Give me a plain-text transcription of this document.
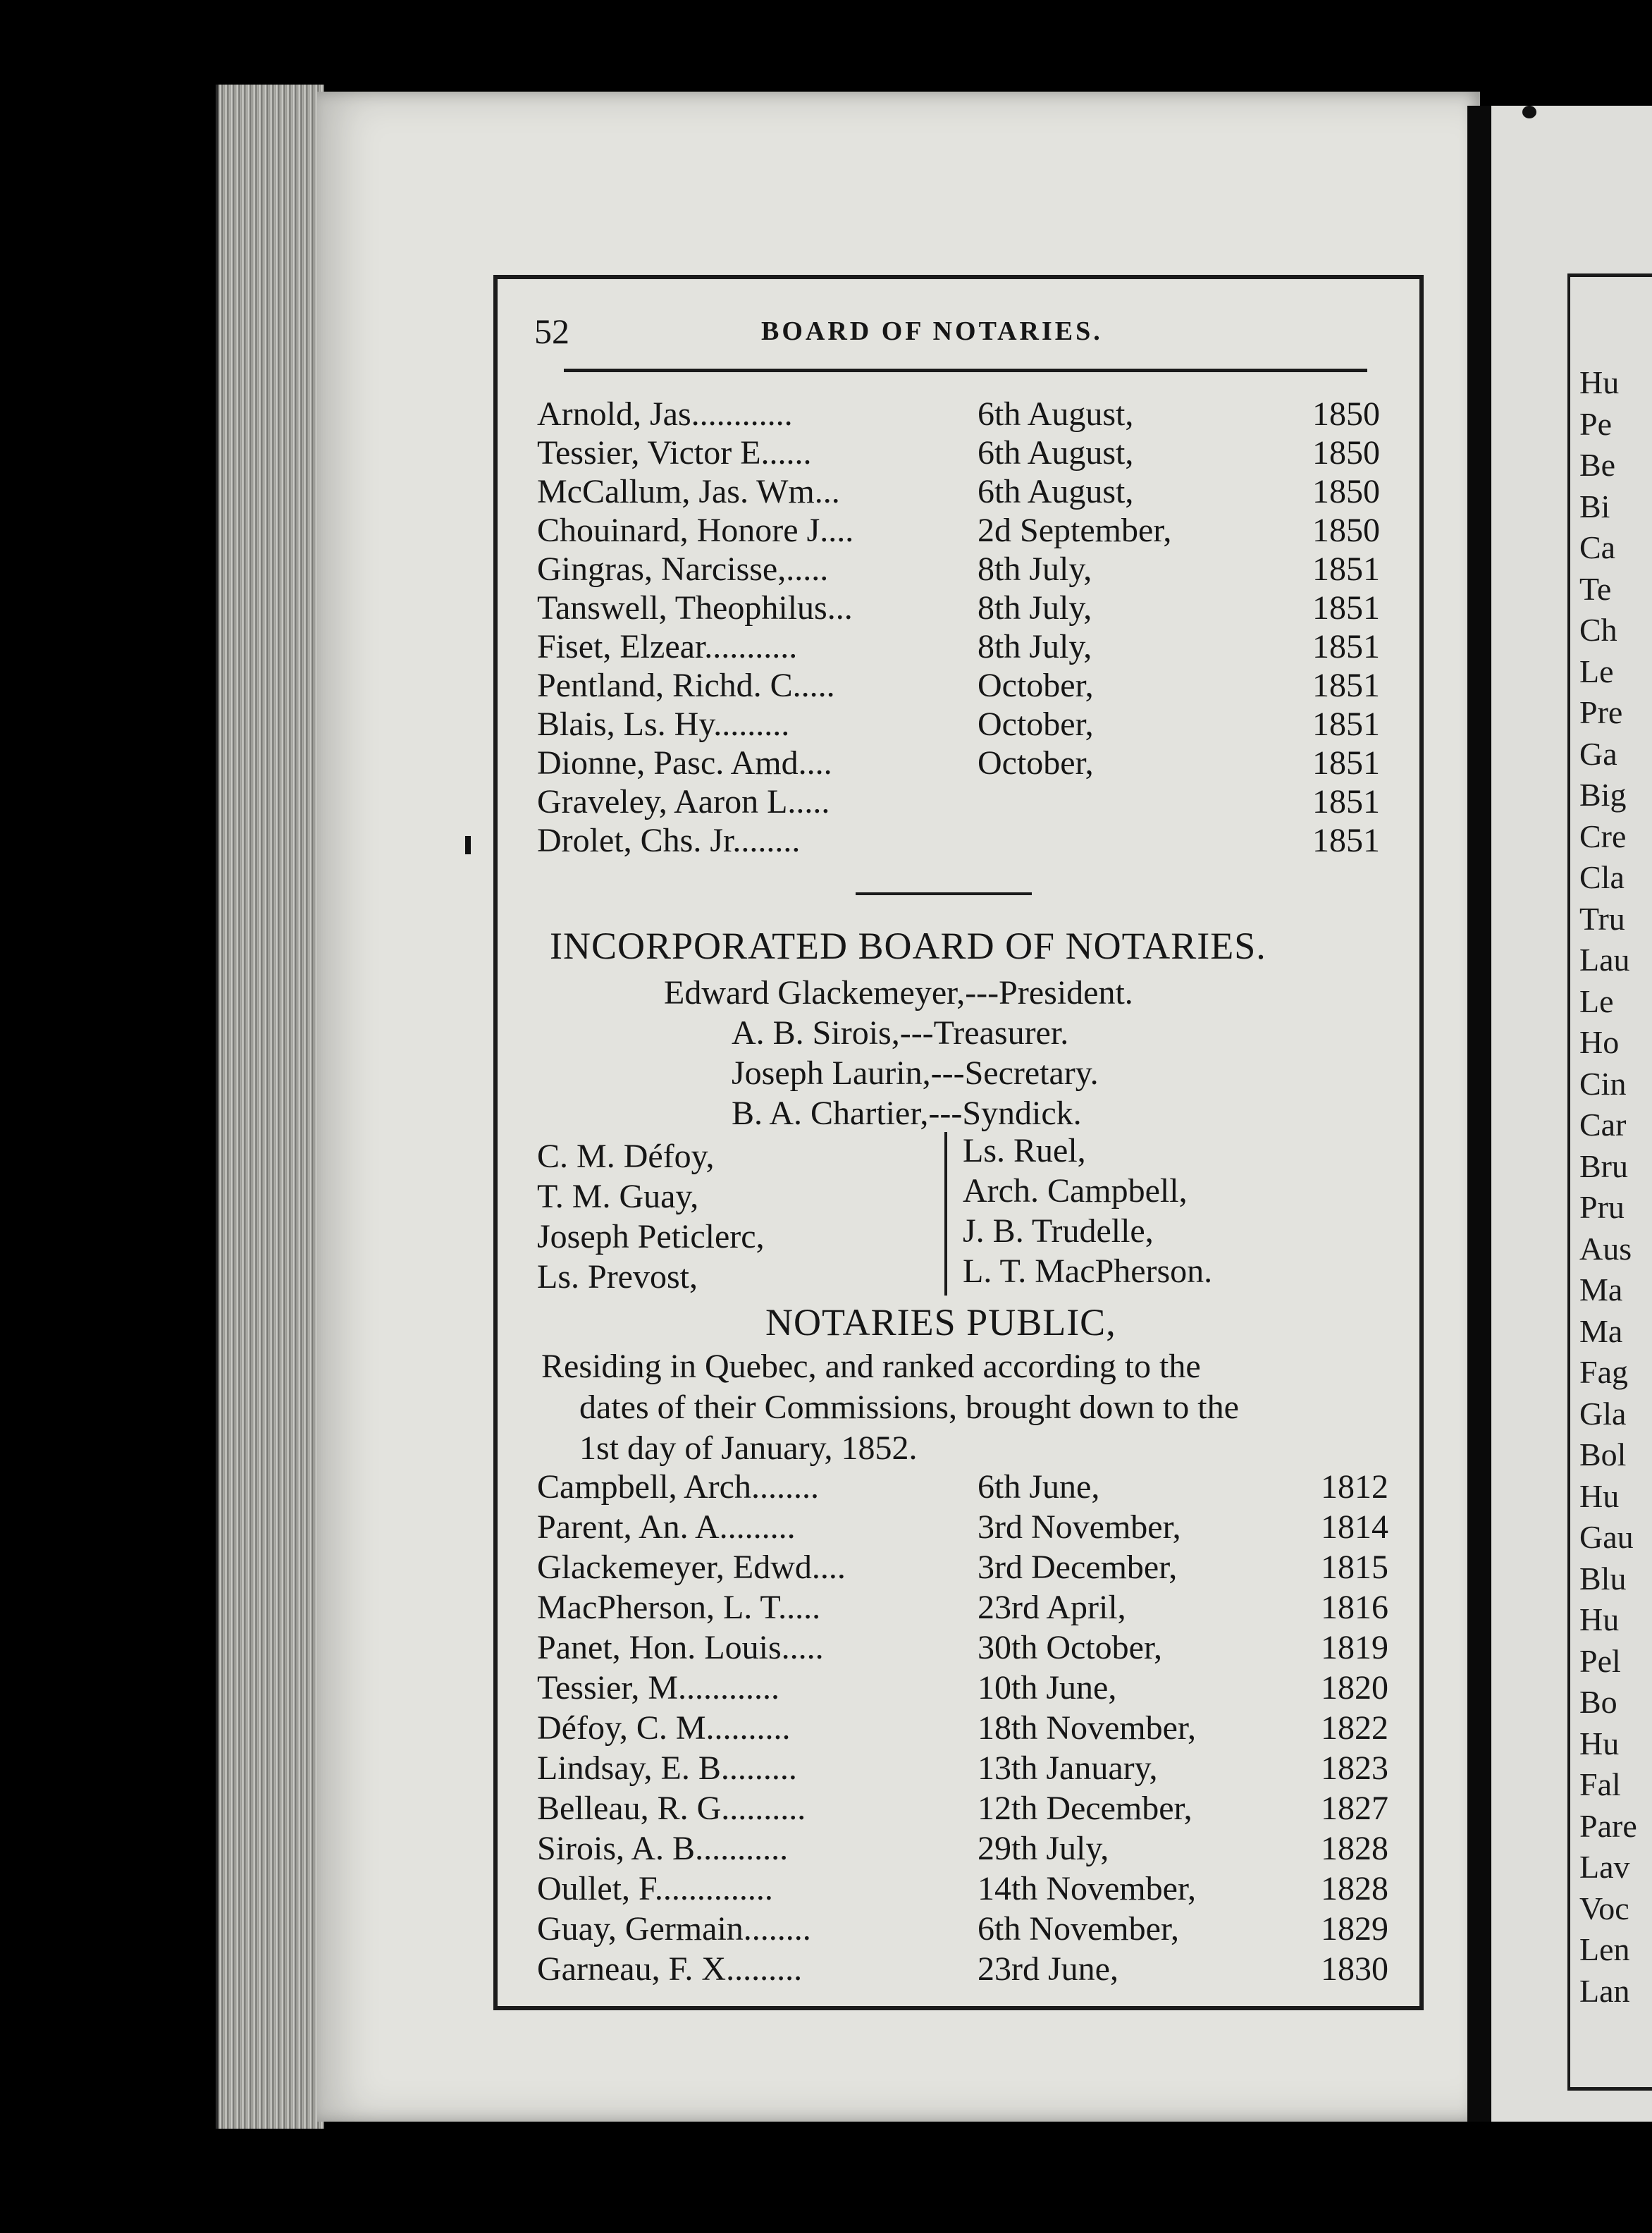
Hu
Pe
Be
Bi
Ca
Te
Ch
Le
Pre
Ga
Big
Cre
Cla
Tru
Lau
Le
Ho
Cin
Car
Bru
Pru
Aus
Ma
Ma
Fag
Gla
Bol
Hu
Gau
Blu
Hu
Pel
Bo
Hu
Fal
Pare
Lav
Voc
Len
Lan
52	BOARD OF NOTARIES.
Arnold, Jas............	6th August,	1850
Tessier, Victor E......	6th August,	1850
McCallum, Jas. Wm...	6th August,	1850
Chouinard, Honore J....	2d September,	1850
Gingras, Narcisse,.....	8th July,	1851
Tanswell, Theophilus...	8th July,	1851
Fiset, Elzear...........	8th July,	1851
Pentland, Richd. C.....	October,	1851
Blais, Ls. Hy.........	October,	1851
Dionne, Pasc. Amd....	October,	1851
Graveley, Aaron L.....	1851
Drolet, Chs. Jr........	1851
INCORPORATED BOARD OF NOTARIES.
Edward Glackemeyer,---President.
A. B. Sirois,---Treasurer.
Joseph Laurin,---Secretary.
B. A. Chartier,---Syndick.
C. M. Défoy,
T. M. Guay,
Joseph Peticlerc,
Ls. Prevost,
Ls. Ruel,
Arch. Campbell,
J. B. Trudelle,
L. T. MacPherson.
NOTARIES PUBLIC,
Residing in Quebec, and ranked according to the
dates of their Commissions, brought down to the
1st day of January, 1852.
Campbell, Arch........	6th June,	1812
Parent, An. A.........	3rd November,	1814
Glackemeyer, Edwd....	3rd December,	1815
MacPherson, L. T.....	23rd April,	1816
Panet, Hon. Louis.....	30th October,	1819
Tessier, M............	10th June,	1820
Défoy, C. M..........	18th November,	1822
Lindsay, E. B.........	13th January,	1823
Belleau, R. G..........	12th December,	1827
Sirois, A. B...........	29th July,	1828
Oullet, F..............	14th November,	1828
Guay, Germain........	6th November,	1829
Garneau, F. X.........	23rd June,	1830
